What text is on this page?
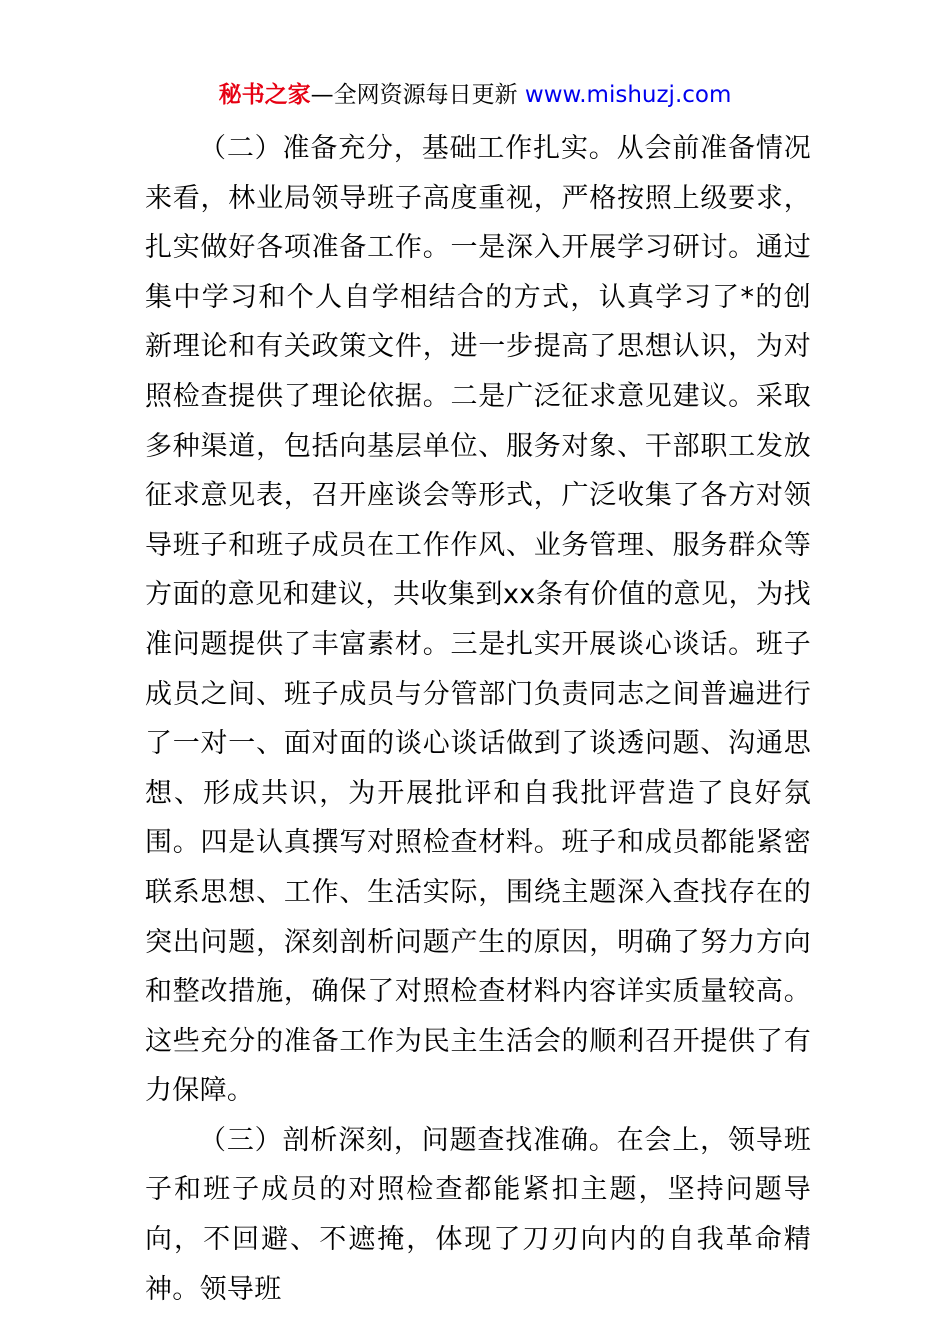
秘书之家—全网资源每日更新 www.mishuzj.com

（二）准备充分，基础工作扎实。从会前准备情况来看，林业局领导班子高度重视，严格按照上级要求，扎实做好各项准备工作。一是深入开展学习研讨。通过集中学习和个人自学相结合的方式，认真学习了*的创新理论和有关政策文件，进一步提高了思想认识，为对照检查提供了理论依据。二是广泛征求意见建议。采取多种渠道，包括向基层单位、服务对象、干部职工发放征求意见表，召开座谈会等形式，广泛收集了各方对领导班子和班子成员在工作作风、业务管理、服务群众等方面的意见和建议，共收集到xx条有价值的意见，为找准问题提供了丰富素材。三是扎实开展谈心谈话。班子成员之间、班子成员与分管部门负责同志之间普遍进行了一对一、面对面的谈心谈话做到了谈透问题、沟通思想、形成共识，为开展批评和自我批评营造了良好氛围。四是认真撰写对照检查材料。班子和成员都能紧密联系思想、工作、生活实际，围绕主题深入查找存在的突出问题，深刻剖析问题产生的原因，明确了努力方向和整改措施，确保了对照检查材料内容详实质量较高。这些充分的准备工作为民主生活会的顺利召开提供了有力保障。

（三）剖析深刻，问题查找准确。在会上，领导班子和班子成员的对照检查都能紧扣主题，坚持问题导向，不回避、不遮掩，体现了刀刃向内的自我革命精神。领导班
